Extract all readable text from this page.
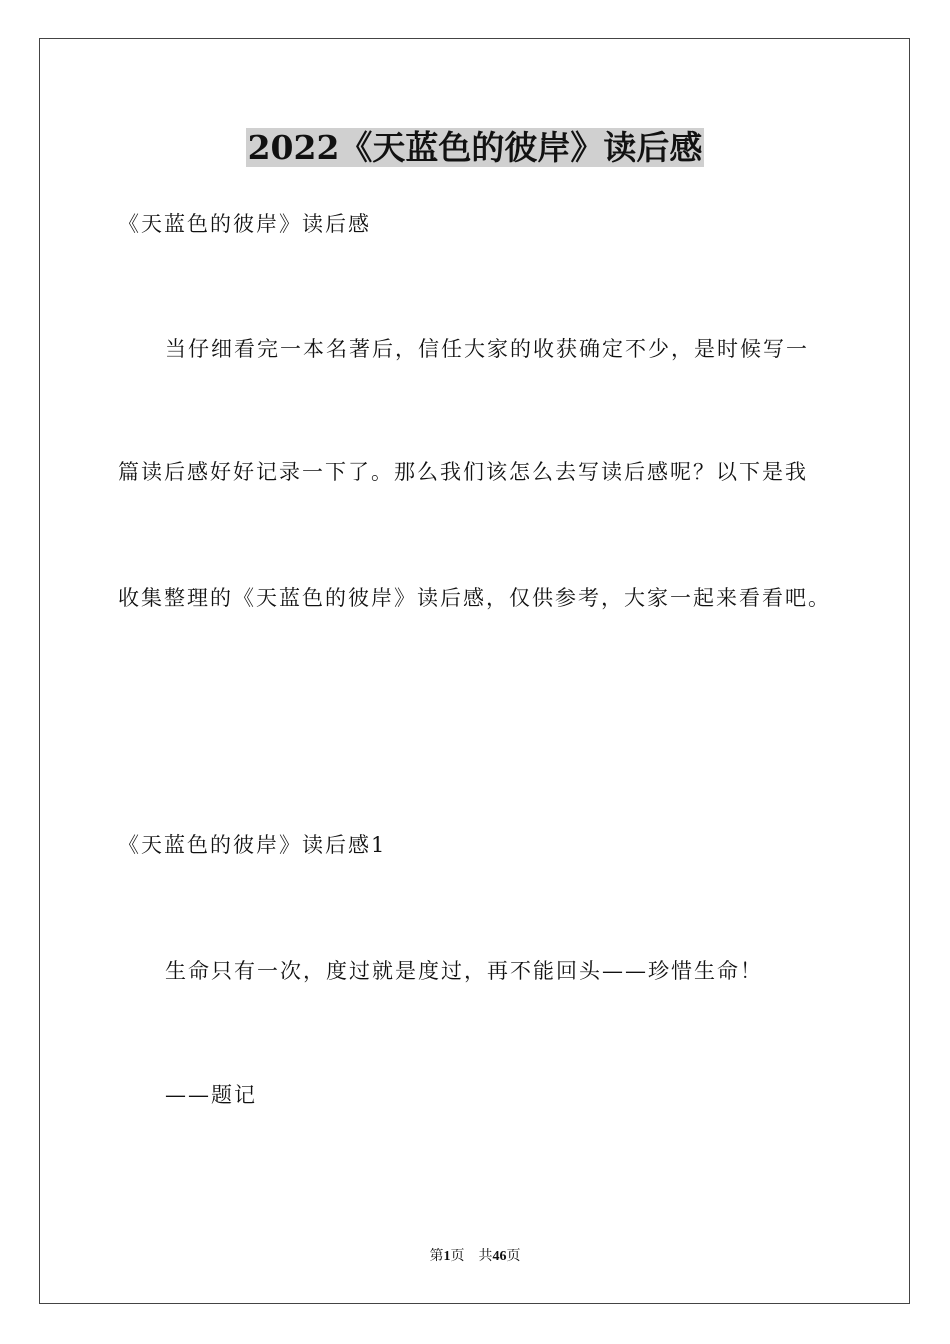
2022《天蓝色的彼岸》读后感
《天蓝色的彼岸》读后感
当仔细看完一本名著后，信任大家的收获确定不少，是时候写一
篇读后感好好记录一下了。那么我们该怎么去写读后感呢？以下是我
收集整理的《天蓝色的彼岸》读后感，仅供参考，大家一起来看看吧。
《天蓝色的彼岸》读后感1
生命只有一次，度过就是度过，再不能回头——珍惜生命！
——题记
第1页 共46页
